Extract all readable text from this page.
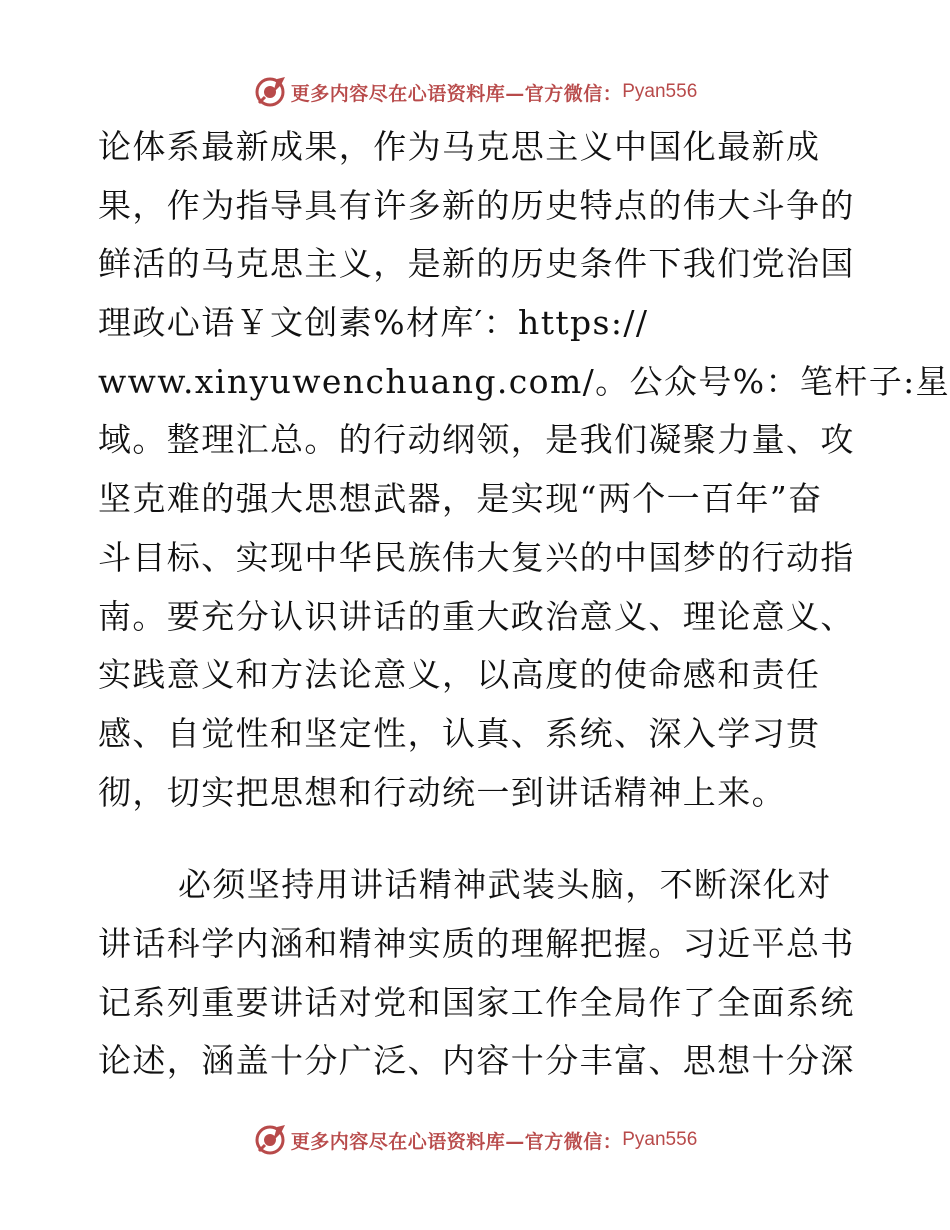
更多内容尽在心语资料库—官方微信： Pyan556
论体系最新成果，作为马克思主义中国化最新成
果，作为指导具有许多新的历史特点的伟大斗争的
鲜活的马克思主义，是新的历史条件下我们党治国
理政心语￥文创素%材库′：https://
www.xinyuwenchuang.com/。公众号%：笔杆子:星
域。整理汇总。的行动纲领，是我们凝聚力量、攻
坚克难的强大思想武器，是实现“两个一百年”奋
斗目标、实现中华民族伟大复兴的中国梦的行动指
南。要充分认识讲话的重大政治意义、理论意义、
实践意义和方法论意义，以高度的使命感和责任
感、自觉性和坚定性，认真、系统、深入学习贯
彻，切实把思想和行动统一到讲话精神上来。
必须坚持用讲话精神武装头脑，不断深化对
讲话科学内涵和精神实质的理解把握。习近平总书
记系列重要讲话对党和国家工作全局作了全面系统
论述，涵盖十分广泛、内容十分丰富、思想十分深
更多内容尽在心语资料库—官方微信： Pyan556
